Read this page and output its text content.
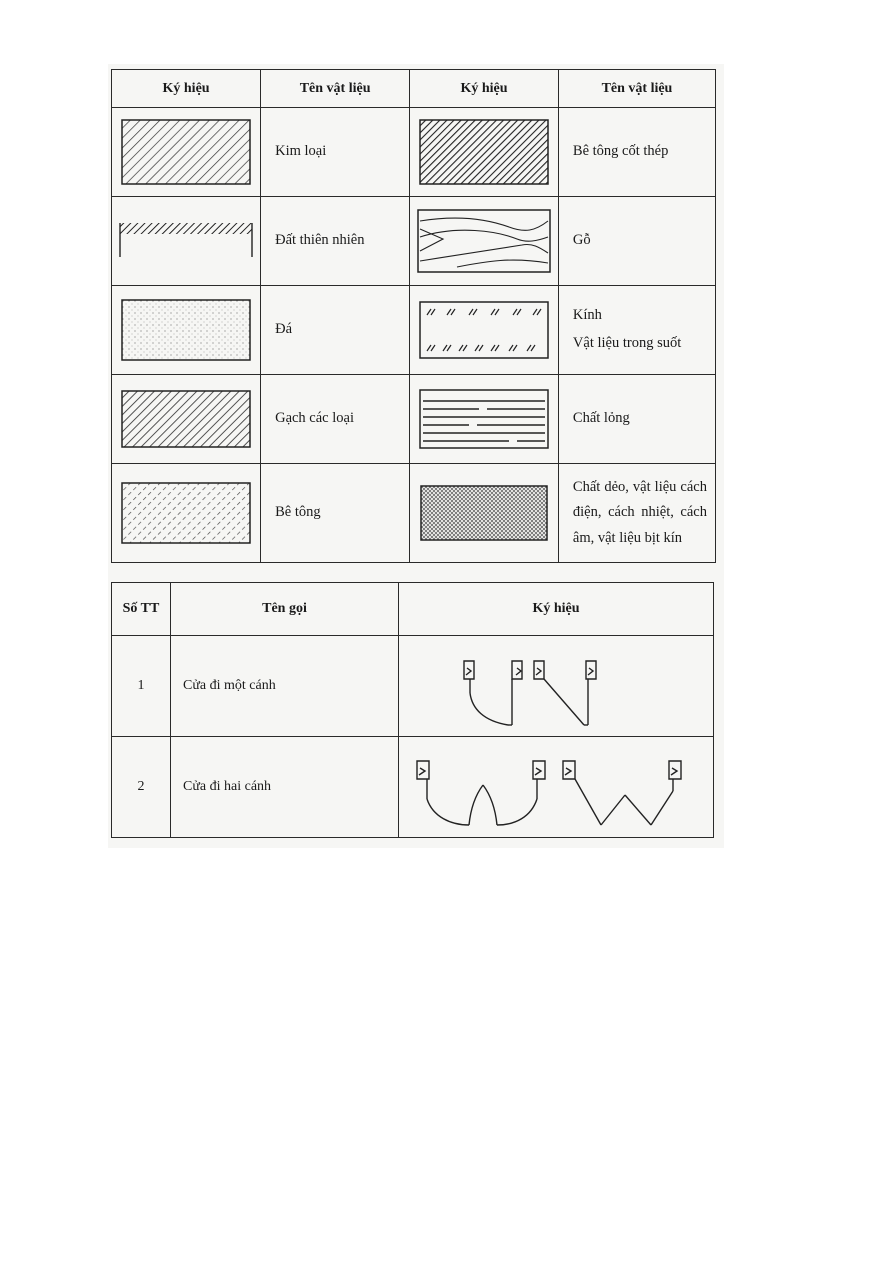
Ký hiệu	Tên vật liệu	Ký hiệu	Tên vật liệu

	Kim loại		Bê tông cốt thép

	Đất thiên nhiên		Gỗ

	Đá		Kính
Vật liệu trong suốt

	Gạch các loại		Chất lỏng

	Bê tông		Chất dẻo, vật liệu cách điện, cách nhiệt, cách âm, vật liệu bịt kín
Số TT	Tên gọi	Ký hiệu
1	Cửa đi một cánh	

2	Cửa đi hai cánh	
